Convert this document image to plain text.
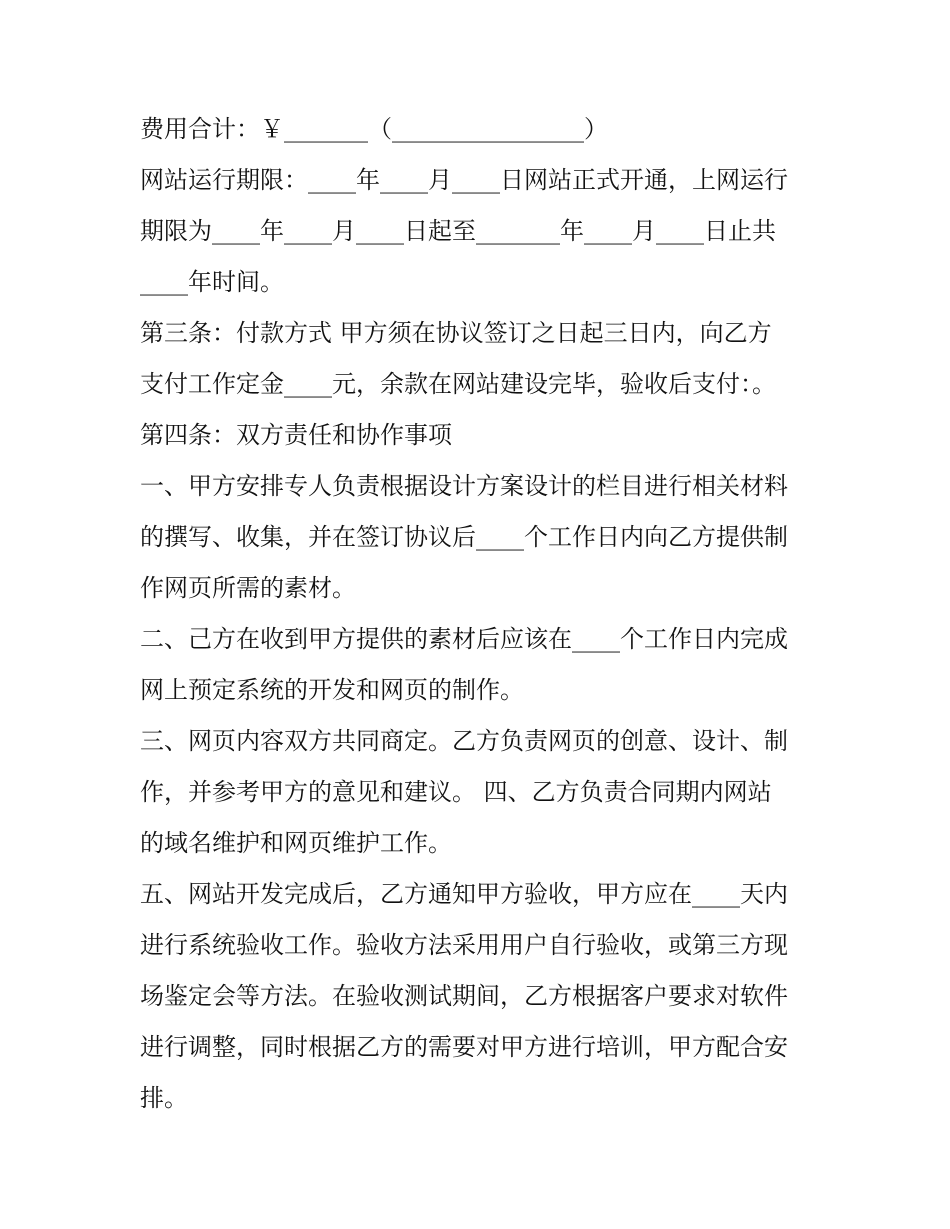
费用合计：￥_______（________________）
网站运行期限：____年____月____日网站正式开通，上网运行
期限为____年____月____日起至_______年____月____日止共
____年时间。
第三条：付款方式 甲方须在协议签订之日起三日内，向乙方
支付工作定金____元，余款在网站建设完毕，验收后支付：。
第四条：双方责任和协作事项
一、甲方安排专人负责根据设计方案设计的栏目进行相关材料
的撰写、收集，并在签订协议后____个工作日内向乙方提供制
作网页所需的素材。
二、己方在收到甲方提供的素材后应该在____个工作日内完成
网上预定系统的开发和网页的制作。
三、网页内容双方共同商定。乙方负责网页的创意、设计、制
作，并参考甲方的意见和建议。 四、乙方负责合同期内网站
的域名维护和网页维护工作。
五、网站开发完成后，乙方通知甲方验收，甲方应在____天内
进行系统验收工作。验收方法采用用户自行验收，或第三方现
场鉴定会等方法。在验收测试期间，乙方根据客户要求对软件
进行调整，同时根据乙方的需要对甲方进行培训，甲方配合安
排。
